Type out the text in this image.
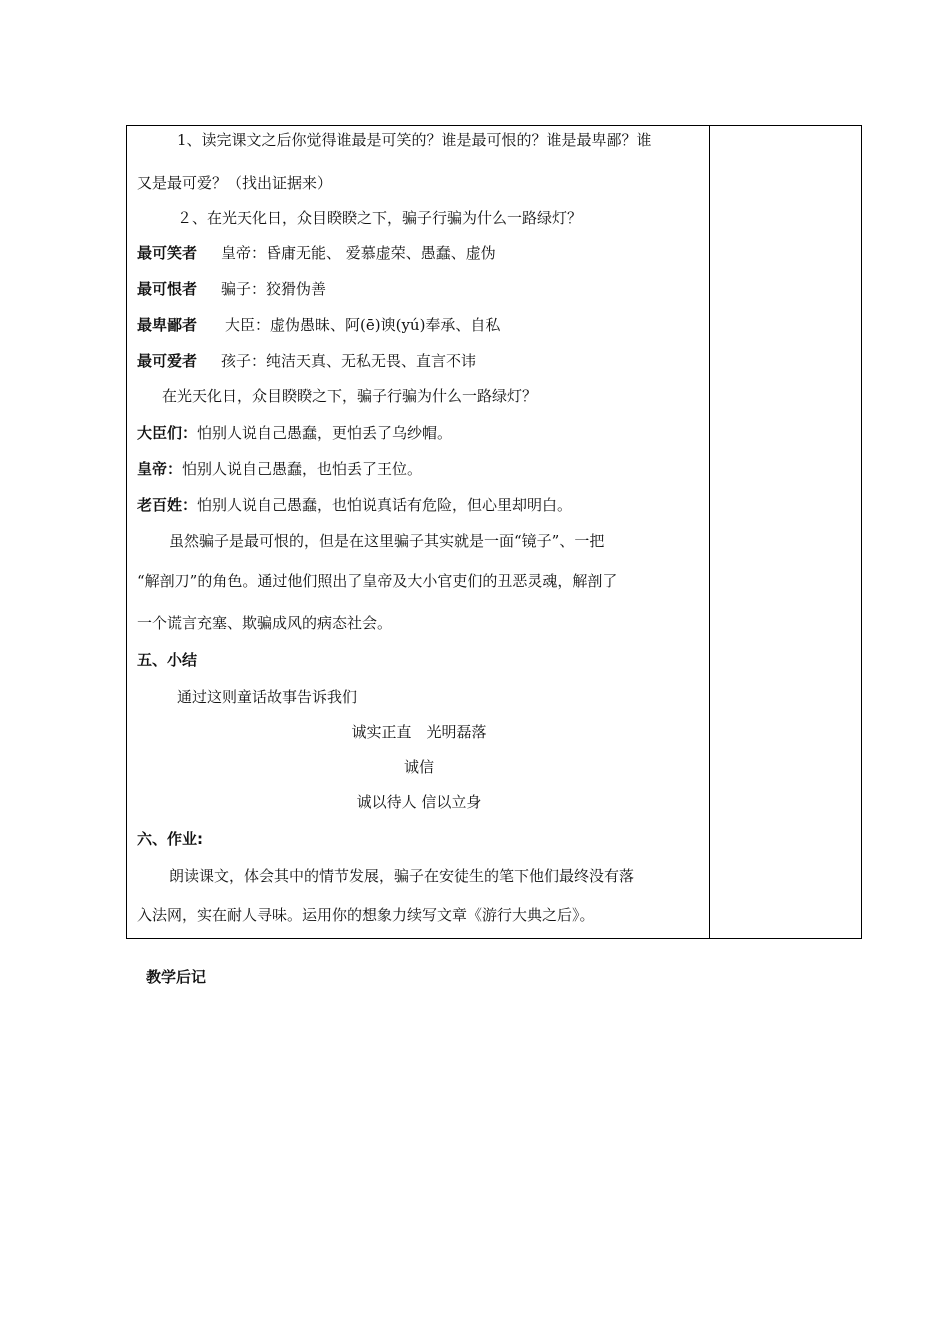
1、读完课文之后你觉得谁最是可笑的？谁是最可恨的？谁是最卑鄙？谁
又是最可爱？（找出证据来）
２、在光天化日，众目睽睽之下，骗子行骗为什么一路绿灯？
最可笑者 皇帝：昏庸无能、 爱慕虚荣、愚蠢、虚伪
最可恨者 骗子：狡猾伪善
最卑鄙者 大臣：虚伪愚昧、阿(ē)谀(yú)奉承、自私
最可爱者 孩子：纯洁天真、无私无畏、直言不讳
在光天化日，众目睽睽之下，骗子行骗为什么一路绿灯？
大臣们：怕别人说自己愚蠢，更怕丢了乌纱帽。
皇帝：怕别人说自己愚蠢，也怕丢了王位。
老百姓：怕别人说自己愚蠢，也怕说真话有危险，但心里却明白。
虽然骗子是最可恨的，但是在这里骗子其实就是一面“镜子”、一把
“解剖刀”的角色。通过他们照出了皇帝及大小官吏们的丑恶灵魂，解剖了
一个谎言充塞、欺骗成风的病态社会。
五、小结
通过这则童话故事告诉我们
诚实正直　光明磊落
诚信
诚以待人 信以立身
六、作业:
朗读课文，体会其中的情节发展，骗子在安徒生的笔下他们最终没有落
入法网，实在耐人寻味。运用你的想象力续写文章《游行大典之后》。
教学后记
